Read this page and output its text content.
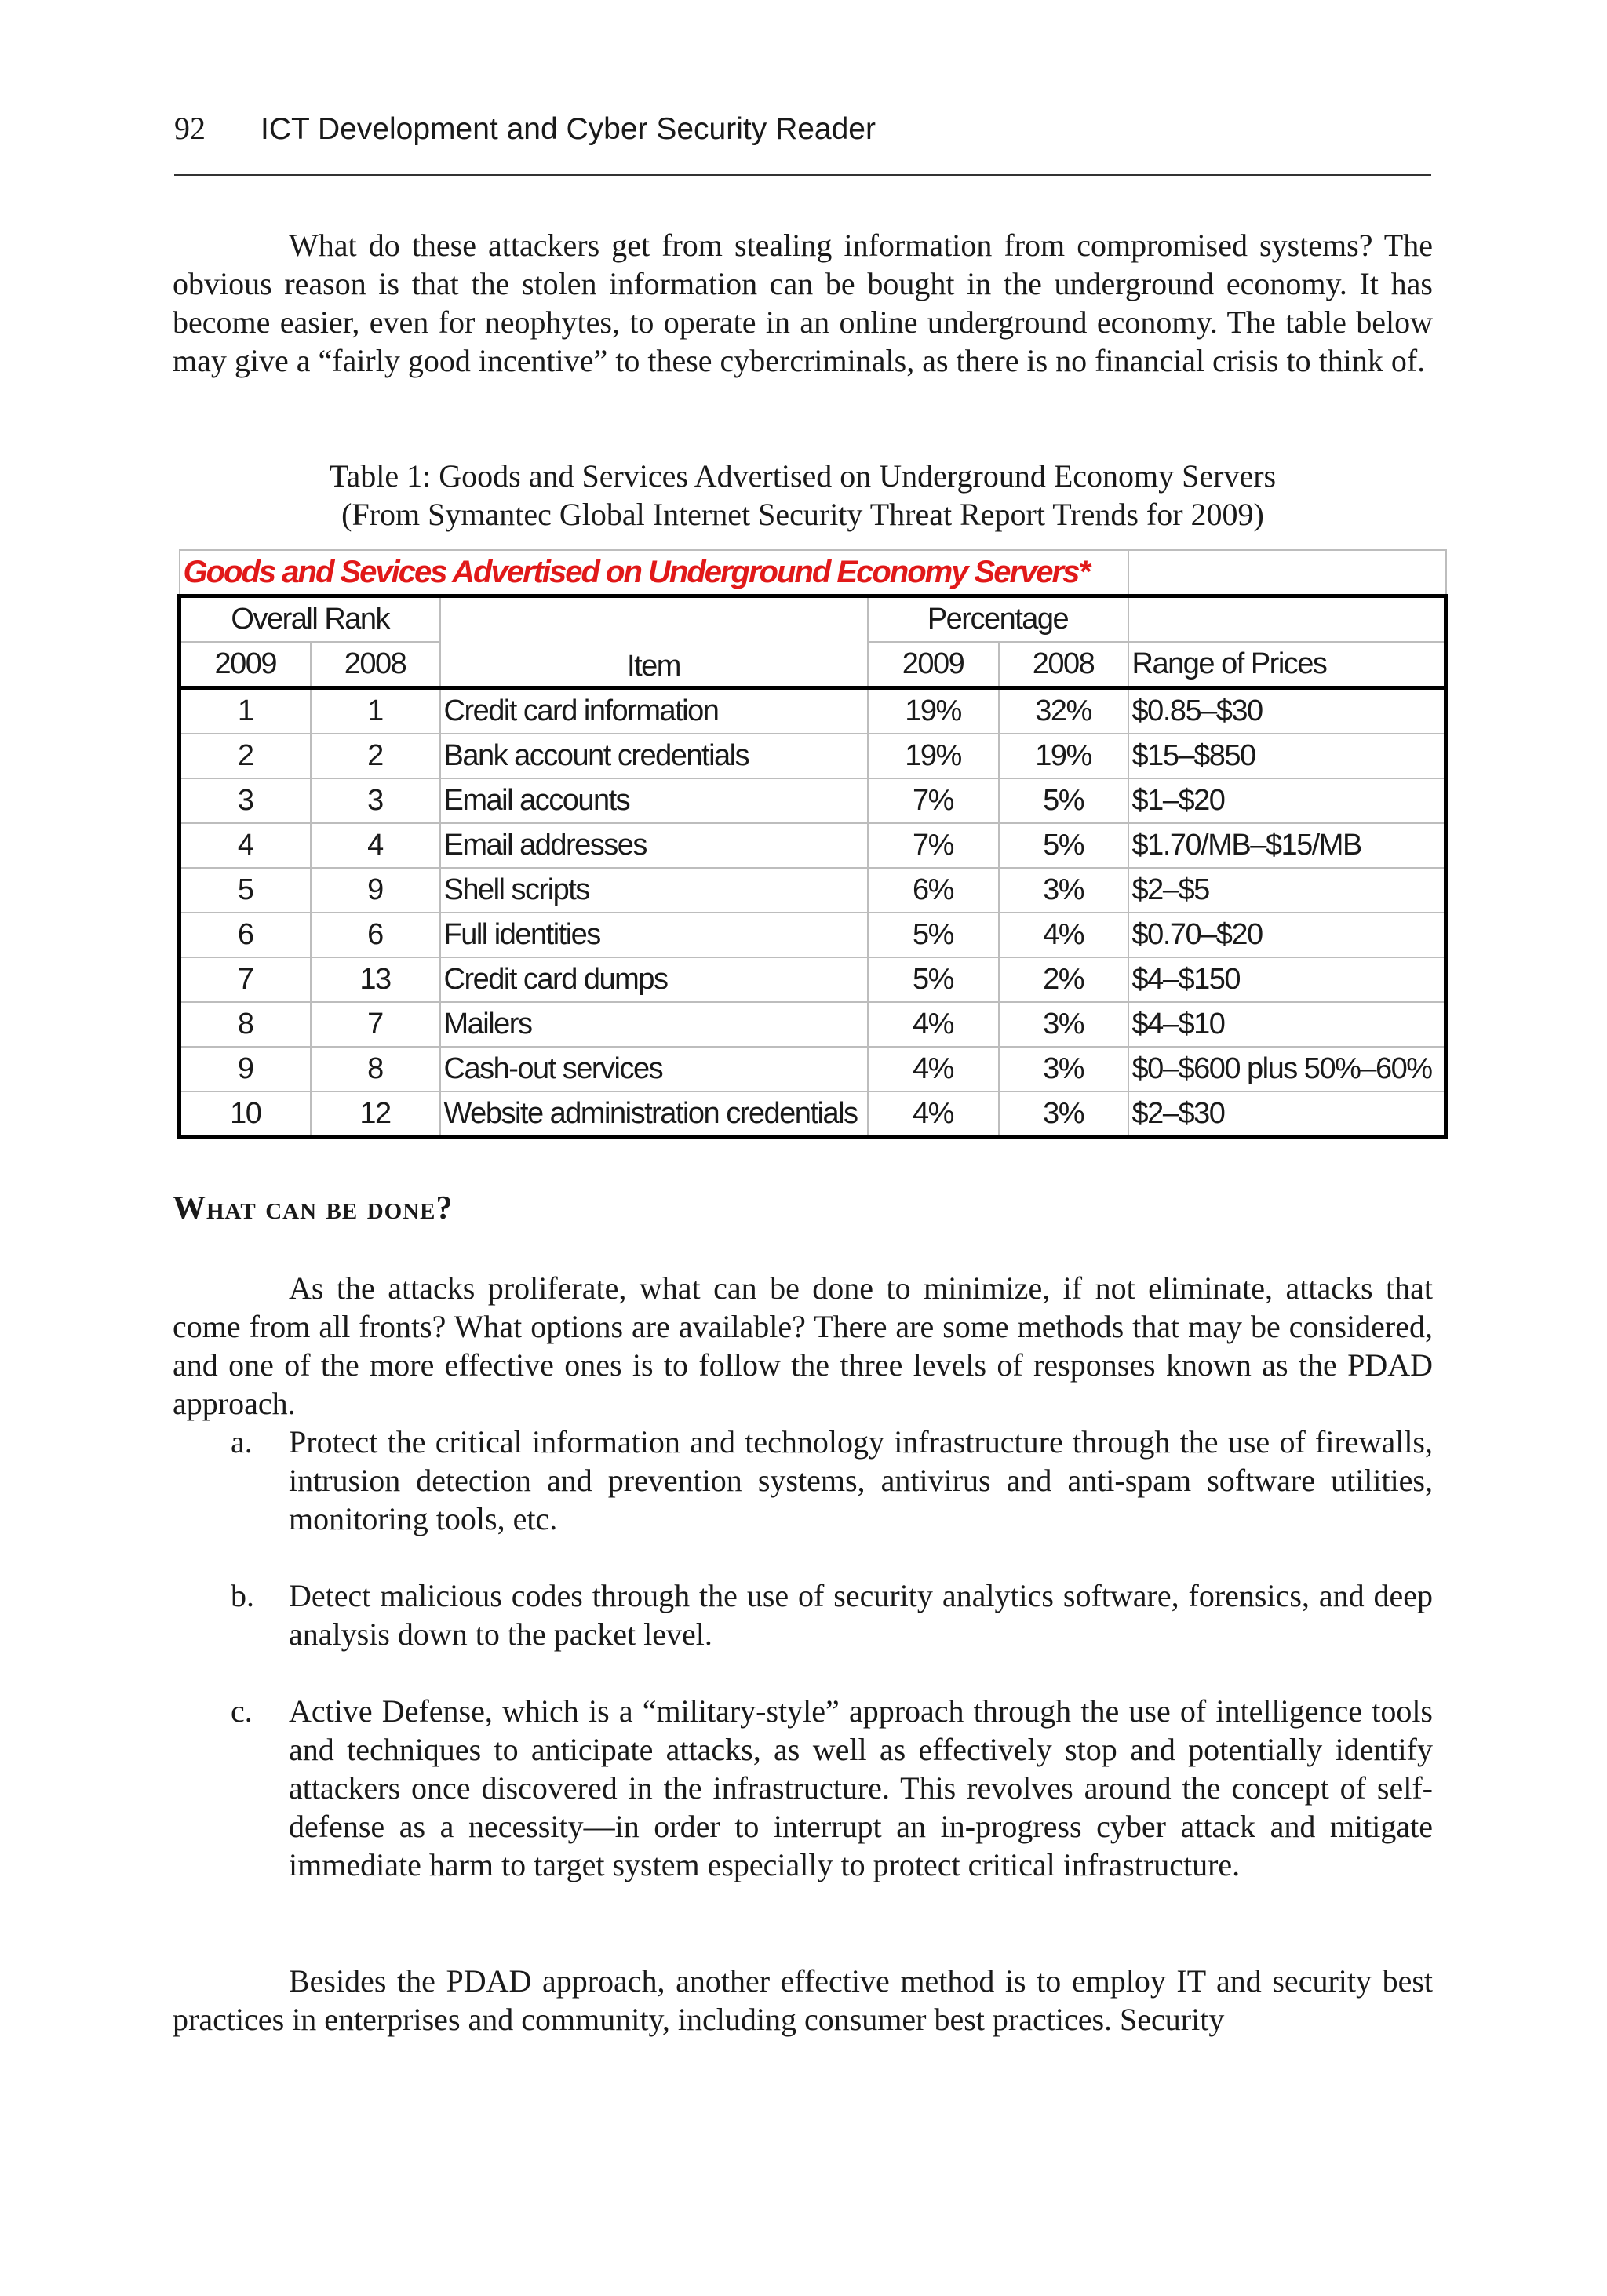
92 ICT Development and Cyber Security Reader

What do these attackers get from stealing information from compromised systems? The obvious reason is that the stolen information can be bought in the underground economy. It has become easier, even for neophytes, to operate in an online underground economy. The table below may give a “fairly good incentive” to these cybercriminals, as there is no financial crisis to think of.

Table 1: Goods and Services Advertised on Underground Economy Servers
(From Symantec Global Internet Security Threat Report Trends for 2009)
Goods and Sevices Advertised on Underground Economy Servers*					
Overall Rank		Item	Percentage		
2009	2008		2009	2008	Range of Prices
1	1	Credit card information	19%	32%	$0.85–$30
2	2	Bank account credentials	19%	19%	$15–$850
3	3	Email accounts	7%	5%	$1–$20
4	4	Email addresses	7%	5%	$1.70/MB–$15/MB
5	9	Shell scripts	6%	3%	$2–$5
6	6	Full identities	5%	4%	$0.70–$20
7	13	Credit card dumps	5%	2%	$4–$150
8	7	Mailers	4%	3%	$4–$10
9	8	Cash-out services	4%	3%	$0–$600 plus 50%–60%
10	12	Website administration credentials	4%	3%	$2–$30
What can be done?

As the attacks proliferate, what can be done to minimize, if not eliminate, attacks that come from all fronts? What options are available? There are some methods that may be considered, and one of the more effective ones is to follow the three levels of responses known as the PDAD approach.

a. Protect the critical information and technology infrastructure through the use of firewalls, intrusion detection and prevention systems, antivirus and anti-spam software utilities, monitoring tools, etc.
b. Detect malicious codes through the use of security analytics software, forensics, and deep analysis down to the packet level.
c. Active Defense, which is a “military-style” approach through the use of intelligence tools and techniques to anticipate attacks, as well as effectively stop and potentially identify attackers once discovered in the infrastructure. This revolves around the concept of self-defense as a necessity—in order to interrupt an in-progress cyber attack and mitigate immediate harm to target system especially to protect critical infrastructure.

Besides the PDAD approach, another effective method is to employ IT and security best practices in enterprises and community, including consumer best practices. Security
